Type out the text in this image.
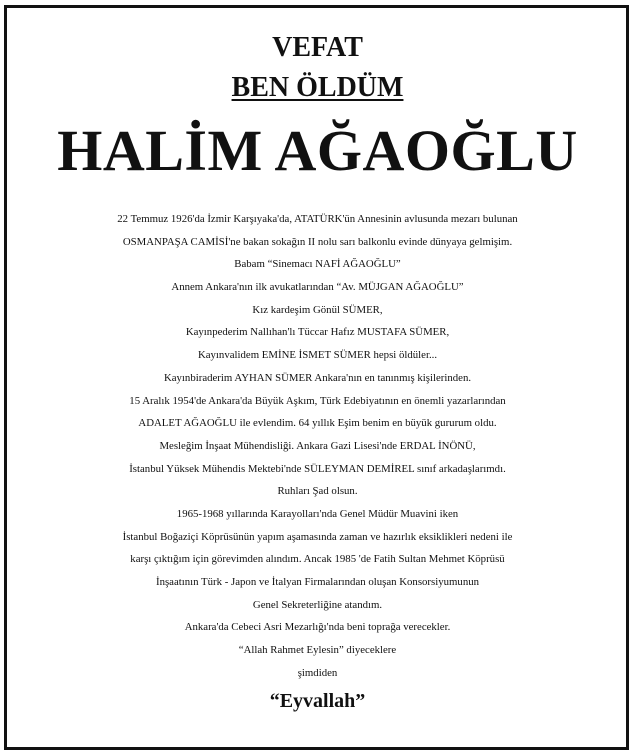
VEFAT
BEN ÖLDÜM
HALİM AĞAOĞLU
22 Temmuz 1926'da İzmir Karşıyaka'da, ATATÜRK'ün Annesinin avlusunda mezarı bulunan
OSMANPAŞA CAMİSİ'ne bakan sokağın II nolu sarı balkonlu evinde dünyaya gelmişim.
Babam “Sinemacı NAFİ AĞAOĞLU”
Annem Ankara'nın ilk avukatlarından “Av. MÜJGAN AĞAOĞLU”
Kız kardeşim Gönül SÜMER,
Kayınpederim Nallıhan'lı Tüccar Hafız MUSTAFA SÜMER,
Kayınvalidem EMİNE İSMET SÜMER hepsi öldüler...
Kayınbiraderim AYHAN SÜMER Ankara'nın en tanınmış kişilerinden.
15 Aralık 1954'de Ankara'da Büyük Aşkım, Türk Edebiyatının en önemli yazarlarından
ADALET AĞAOĞLU ile evlendim. 64 yıllık Eşim benim en büyük gururum oldu.
Mesleğim İnşaat Mühendisliği. Ankara Gazi Lisesi'nde ERDAL İNÖNÜ,
İstanbul Yüksek Mühendis Mektebi'nde SÜLEYMAN DEMİREL sınıf arkadaşlarımdı.
Ruhları Şad olsun.
1965-1968 yıllarında Karayolları'nda Genel Müdür Muavini iken
İstanbul Boğaziçi Köprüsünün yapım aşamasında zaman ve hazırlık eksiklikleri nedeni ile
karşı çıktığım için görevimden alındım. Ancak 1985 'de Fatih Sultan Mehmet Köprüsü
İnşaatının Türk - Japon ve İtalyan Firmalarından oluşan Konsorsiyumunun
Genel Sekreterliğine atandım.
Ankara'da Cebeci Asri Mezarlığı'nda beni toprağa verecekler.
“Allah Rahmet Eylesin” diyeceklere
şimdiden
“Eyvallah”
